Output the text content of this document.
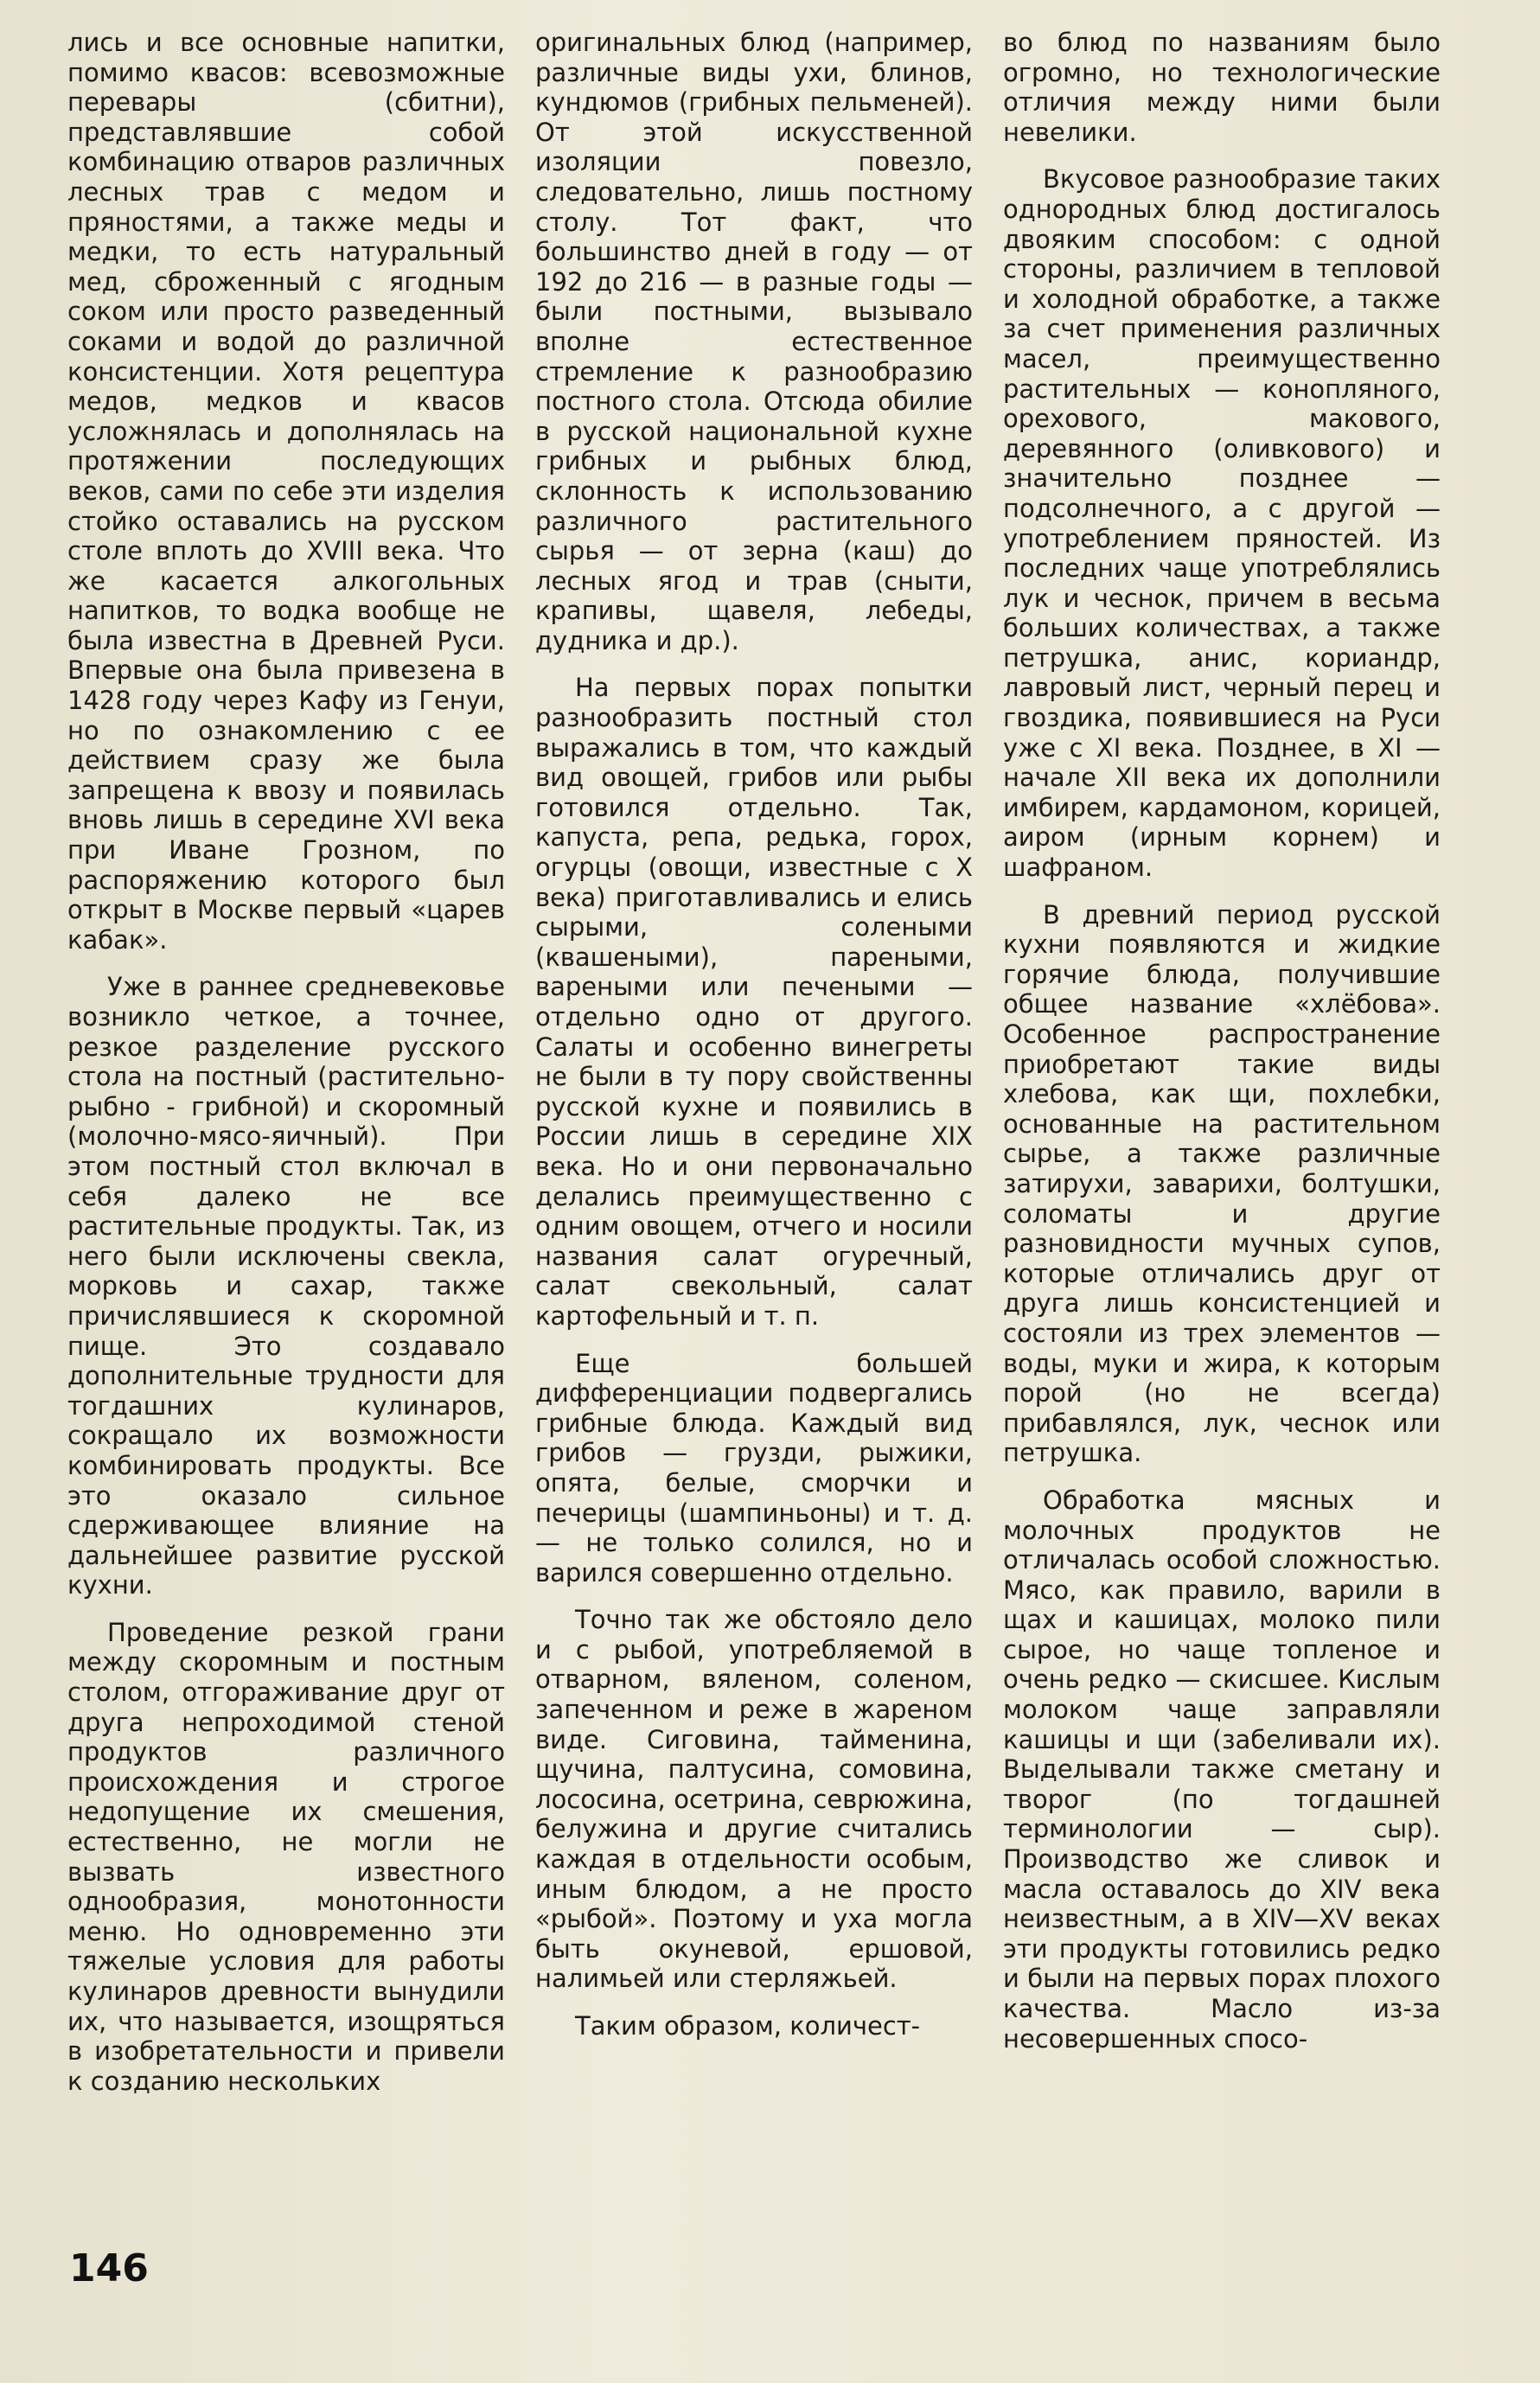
лись и все основные напитки, помимо квасов: всевозможные перевары (сбитни), представлявшие собой комбинацию отваров различных лесных трав с медом и пряностями, а также меды и медки, то есть натуральный мед, сброженный с ягодным соком или просто разведенный соками и водой до различной консистенции. Хотя рецептура медов, медков и квасов усложнялась и дополнялась на протяжении последующих веков, сами по себе эти изделия стойко оставались на русском столе вплоть до XVIII века. Что же касается алкогольных напитков, то водка вообще не была известна в Древней Руси. Впервые она была привезена в 1428 году через Кафу из Генуи, но по ознакомлению с ее действием сразу же была запрещена к ввозу и появилась вновь лишь в середине XVI века при Иване Грозном, по распоряжению которого был открыт в Москве первый «царев кабак».

Уже в раннее средневековье возникло четкое, а точнее, резкое разделение русского стола на постный (растительно-рыбно - грибной) и скоромный (молочно-мясо-яичный). При этом постный стол включал в себя далеко не все растительные продукты. Так, из него были исключены свекла, морковь и сахар, также причислявшиеся к скоромной пище. Это создавало дополнительные трудности для тогдашних кулинаров, сокращало их возможности комбинировать продукты. Все это оказало сильное сдерживающее влияние на дальнейшее развитие русской кухни.

Проведение резкой грани между скоромным и постным столом, отгораживание друг от друга непроходимой стеной продуктов различного происхождения и строгое недопущение их смешения, естественно, не могли не вызвать известного однообразия, монотонности меню. Но одновременно эти тяжелые условия для работы кулинаров древности вынудили их, что называется, изощряться в изобретательности и привели к созданию нескольких

оригинальных блюд (например, различные виды ухи, блинов, кундюмов (грибных пельменей). От этой искусственной изоляции повезло, следовательно, лишь постному столу. Тот факт, что большинство дней в году — от 192 до 216 — в разные годы — были постными, вызывало вполне естественное стремление к разнообразию постного стола. Отсюда обилие в русской национальной кухне грибных и рыбных блюд, склонность к использованию различного растительного сырья — от зерна (каш) до лесных ягод и трав (сныти, крапивы, щавеля, лебеды, дудника и др.).

На первых порах попытки разнообразить постный стол выражались в том, что каждый вид овощей, грибов или рыбы готовился отдельно. Так, капуста, репа, редька, горох, огурцы (овощи, известные с X века) приготавливались и елись сырыми, солеными (квашеными), пареными, вареными или печеными — отдельно одно от другого. Салаты и особенно винегреты не были в ту пору свойственны русской кухне и появились в России лишь в середине XIX века. Но и они первоначально делались преимущественно с одним овощем, отчего и носили названия салат огуречный, салат свекольный, салат картофельный и т. п.

Еще большей дифференциации подвергались грибные блюда. Каждый вид грибов — грузди, рыжики, опята, белые, сморчки и печерицы (шампиньоны) и т. д. — не только солился, но и варился совершенно отдельно.

Точно так же обстояло дело и с рыбой, употребляемой в отварном, вяленом, соленом, запеченном и реже в жареном виде. Сиговина, тайменина, щучина, палтусина, сомовина, лососина, осетрина, севрюжина, белужина и другие считались каждая в отдельности особым, иным блюдом, а не просто «рыбой». Поэтому и уха могла быть окуневой, ершовой, налимьей или стерляжьей.

Таким образом, количест-

во блюд по названиям было огромно, но технологические отличия между ними были невелики.

Вкусовое разнообразие таких однородных блюд достигалось двояким способом: с одной стороны, различием в тепловой и холодной обработке, а также за счет применения различных масел, преимущественно растительных — конопляного, орехового, макового, деревянного (оливкового) и значительно позднее — подсолнечного, а с другой — употреблением пряностей. Из последних чаще употреблялись лук и чеснок, причем в весьма больших количествах, а также петрушка, анис, кориандр, лавровый лист, черный перец и гвоздика, появившиеся на Руси уже с XI века. Позднее, в XI — начале XII века их дополнили имбирем, кардамоном, корицей, аиром (ирным корнем) и шафраном.

В древний период русской кухни появляются и жидкие горячие блюда, получившие общее название «хлёбова». Особенное распространение приобретают такие виды хлебова, как щи, похлебки, основанные на растительном сырье, а также различные затирухи, заварихи, болтушки, соломаты и другие разновидности мучных супов, которые отличались друг от друга лишь консистенцией и состояли из трех элементов — воды, муки и жира, к которым порой (но не всегда) прибавлялся, лук, чеснок или петрушка.

Обработка мясных и молочных продуктов не отличалась особой сложностью. Мясо, как правило, варили в щах и кашицах, молоко пили сырое, но чаще топленое и очень редко — скисшее. Кислым молоком чаще заправляли кашицы и щи (забеливали их). Выделывали также сметану и творог (по тогдашней терминологии — сыр). Производство же сливок и масла оставалось до XIV века неизвестным, а в XIV—XV веках эти продукты готовились редко и были на первых порах плохого качества. Масло из-за несовершенных спосо-

146
